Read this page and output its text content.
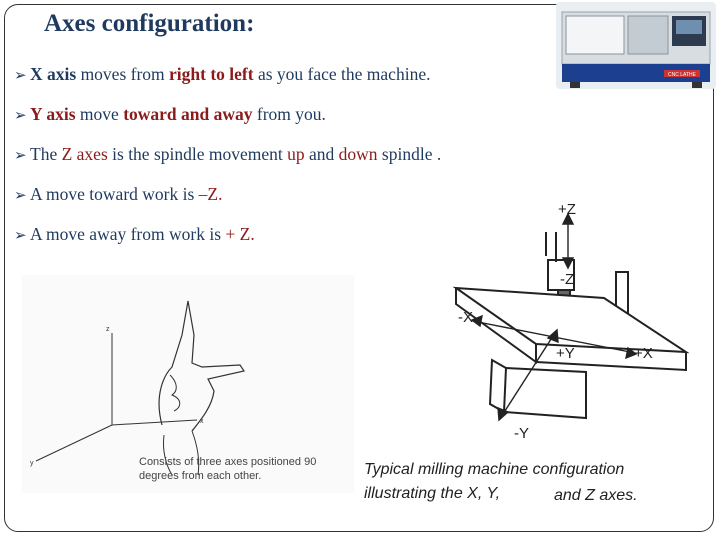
Axes configuration:
➢ X axis moves from right to left as you face the machine.
➢ Y axis move toward and away from you.
➢ The Z axes is the spindle movement up and down spindle .
➢ A move toward work is –Z.
➢ A move away from work is + Z.
CNC LATHE
z
x
y	Consists of three axes positioned 90
degrees from each other.
+Z
-Z
-X
+X
+Y
-Y
Typical milling machine configuration
illustrating the X, Y,	and Z axes.
